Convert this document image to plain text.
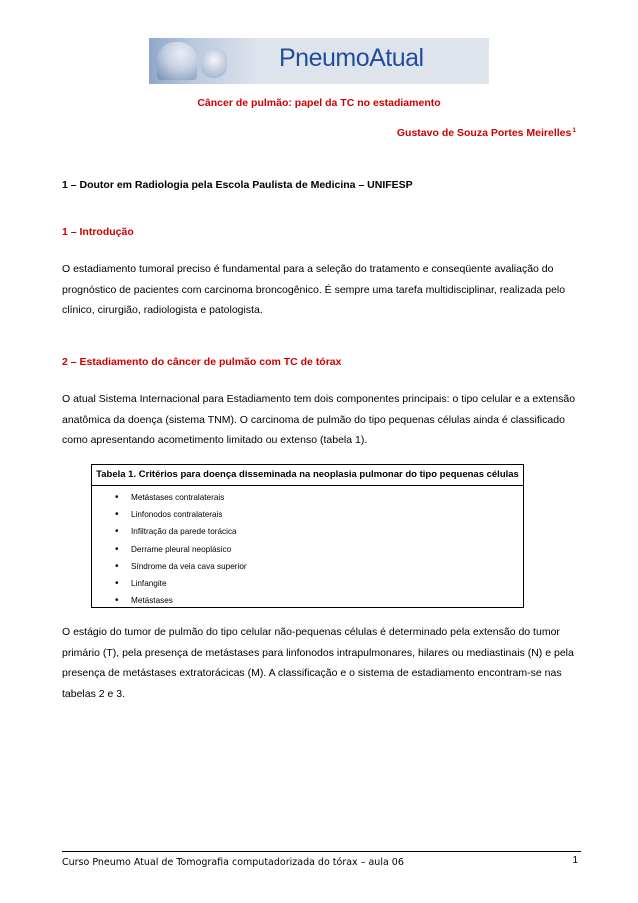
PneumoAtual
Câncer de pulmão: papel da TC no estadiamento
Gustavo de Souza Portes Meirelles$^1$
1 – Doutor em Radiologia pela Escola Paulista de Medicina – UNIFESP
1 – Introdução

O estadiamento tumoral preciso é fundamental para a seleção do tratamento e conseqüente avaliação do prognóstico de pacientes com carcinoma broncogênico. É sempre uma tarefa multidisciplinar, realizada pelo clínico, cirurgião, radiologista e patologista.

2 – Estadiamento do câncer de pulmão com TC de tórax

O atual Sistema Internacional para Estadiamento tem dois componentes principais: o tipo celular e a extensão anatômica da doença (sistema TNM). O carcinoma de pulmão do tipo pequenas células ainda é classificado como apresentando acometimento limitado ou extenso (tabela 1).

Tabela 1. Critérios para doença disseminada na neoplasia pulmonar do tipo pequenas células
• Metástases contralaterais
• Linfonodos contralaterais
• Infiltração da parede torácica
• Derrame pleural neoplásico
• Síndrome da veia cava superior
• Linfangite
• Metástases

O estágio do tumor de pulmão do tipo celular não-pequenas células é determinado pela extensão do tumor primário (T), pela presença de metástases para linfonodos intrapulmonares, hilares ou mediastinais (N) e pela presença de metástases extratorácicas (M). A classificação e o sistema de estadiamento encontram-se nas tabelas 2 e 3.

Curso Pneumo Atual de Tomografia computadorizada do tórax – aula 06	1
